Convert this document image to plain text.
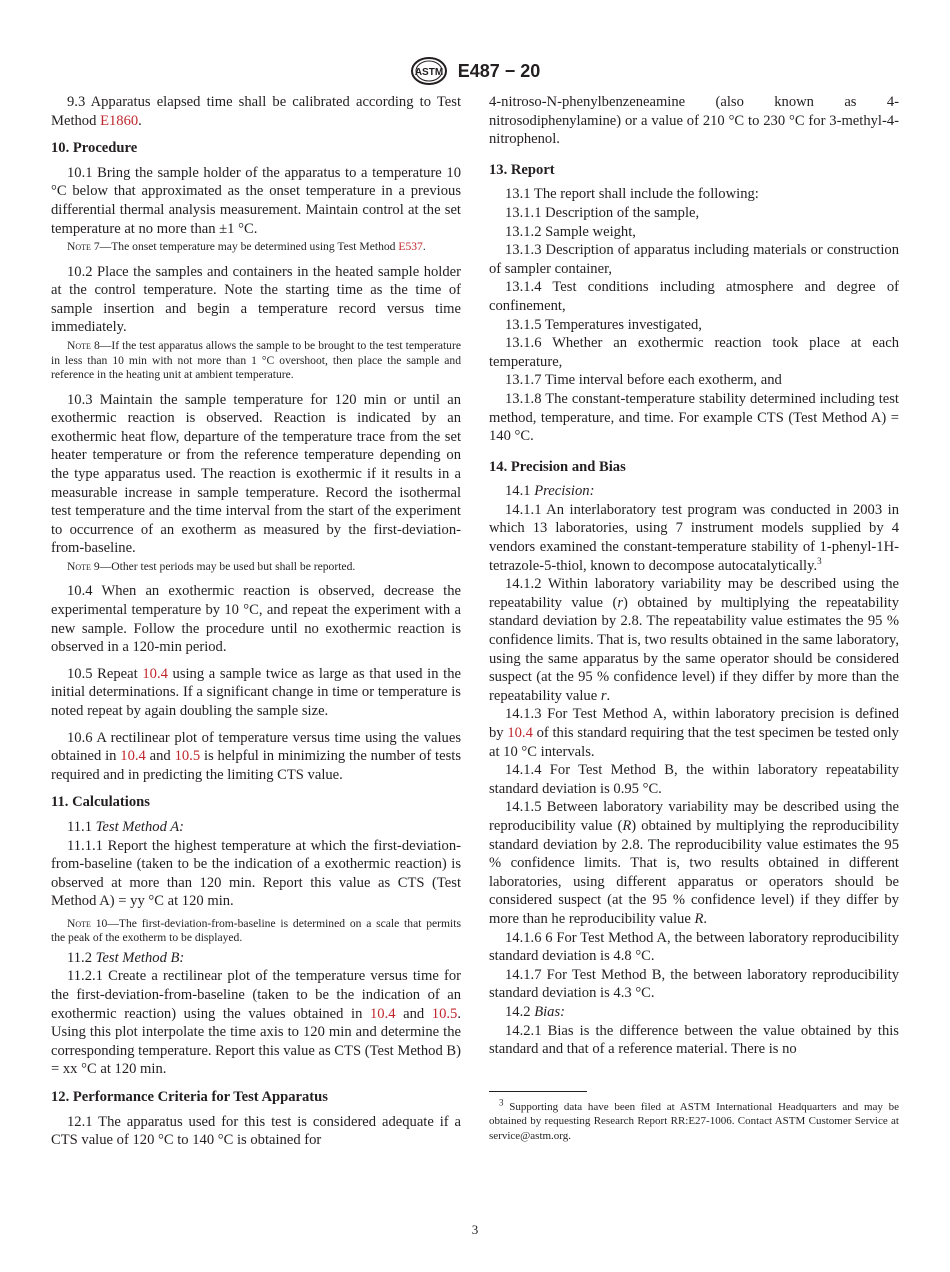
ASTM E487 − 20

9.3 Apparatus elapsed time shall be calibrated according to Test Method E1860.

10. Procedure

10.1 Bring the sample holder of the apparatus to a temperature 10 °C below that approximated as the onset temperature in a previous differential thermal analysis measurement. Maintain control at the set temperature at no more than ±1 °C.

Note 7—The onset temperature may be determined using Test Method E537.

10.2 Place the samples and containers in the heated sample holder at the control temperature. Note the starting time as the time of sample insertion and begin a temperature record versus time immediately.

Note 8—If the test apparatus allows the sample to be brought to the test temperature in less than 10 min with not more than 1 °C overshoot, then place the sample and reference in the heating unit at ambient temperature.

10.3 Maintain the sample temperature for 120 min or until an exothermic reaction is observed. Reaction is indicated by an exothermic heat flow, departure of the temperature trace from the set heater temperature or from the reference temperature depending on the type apparatus used. The reaction is exothermic if it results in a measurable increase in sample temperature. Record the isothermal test temperature and the time interval from the start of the experiment to occurrence of an exotherm as measured by the first-deviation-from-baseline.

Note 9—Other test periods may be used but shall be reported.

10.4 When an exothermic reaction is observed, decrease the experimental temperature by 10 °C, and repeat the experiment with a new sample. Follow the procedure until no exothermic reaction is observed in a 120-min period.

10.5 Repeat 10.4 using a sample twice as large as that used in the initial determinations. If a significant change in time or temperature is noted repeat by again doubling the sample size.

10.6 A rectilinear plot of temperature versus time using the values obtained in 10.4 and 10.5 is helpful in minimizing the number of tests required and in predicting the limiting CTS value.

11. Calculations

11.1 Test Method A:

11.1.1 Report the highest temperature at which the first-deviation-from-baseline (taken to be the indication of a exothermic reaction) is observed at more than 120 min. Report this value as CTS (Test Method A) = yy °C at 120 min.

Note 10—The first-deviation-from-baseline is determined on a scale that permits the peak of the exotherm to be displayed.

11.2 Test Method B:

11.2.1 Create a rectilinear plot of the temperature versus time for the first-deviation-from-baseline (taken to be the indication of an exothermic reaction) using the values obtained in 10.4 and 10.5. Using this plot interpolate the time axis to 120 min and determine the corresponding temperature. Report this value as CTS (Test Method B) = xx °C at 120 min.

12. Performance Criteria for Test Apparatus

12.1 The apparatus used for this test is considered adequate if a CTS value of 120 °C to 140 °C is obtained for

4-nitroso-N-phenylbenzeneamine (also known as 4-nitrosodiphenylamine) or a value of 210 °C to 230 °C for 3-methyl-4-nitrophenol.

13. Report

13.1 The report shall include the following:

13.1.1 Description of the sample,

13.1.2 Sample weight,

13.1.3 Description of apparatus including materials or construction of sampler container,

13.1.4 Test conditions including atmosphere and degree of confinement,

13.1.5 Temperatures investigated,

13.1.6 Whether an exothermic reaction took place at each temperature,

13.1.7 Time interval before each exotherm, and

13.1.8 The constant-temperature stability determined including test method, temperature, and time. For example CTS (Test Method A) = 140 °C.

14. Precision and Bias

14.1 Precision:

14.1.1 An interlaboratory test program was conducted in 2003 in which 13 laboratories, using 7 instrument models supplied by 4 vendors examined the constant-temperature stability of 1-phenyl-1H-tetrazole-5-thiol, known to decompose autocatalytically.$^3$

14.1.2 Within laboratory variability may be described using the repeatability value (r) obtained by multiplying the repeatability standard deviation by 2.8. The repeatability value estimates the 95 % confidence limits. That is, two results obtained in the same laboratory, using the same apparatus by the same operator should be considered suspect (at the 95 % confidence level) if they differ by more than the repeatability value r.

14.1.3 For Test Method A, within laboratory precision is defined by 10.4 of this standard requiring that the test specimen be tested only at 10 °C intervals.

14.1.4 For Test Method B, the within laboratory repeatability standard deviation is 0.95 °C.

14.1.5 Between laboratory variability may be described using the reproducibility value (R) obtained by multiplying the reproducibility standard deviation by 2.8. The reproducibility value estimates the 95 % confidence limits. That is, two results obtained in different laboratories, using different apparatus or operators should be considered suspect (at the 95 % confidence level) if they differ by more than he reproducibility value R.

14.1.6 6 For Test Method A, the between laboratory reproducibility standard deviation is 4.8 °C.

14.1.7 For Test Method B, the between laboratory reproducibility standard deviation is 4.3 °C.

14.2 Bias:

14.2.1 Bias is the difference between the value obtained by this standard and that of a reference material. There is no

$^3$ Supporting data have been filed at ASTM International Headquarters and may be obtained by requesting Research Report RR:E27-1006. Contact ASTM Customer Service at service@astm.org.

3
